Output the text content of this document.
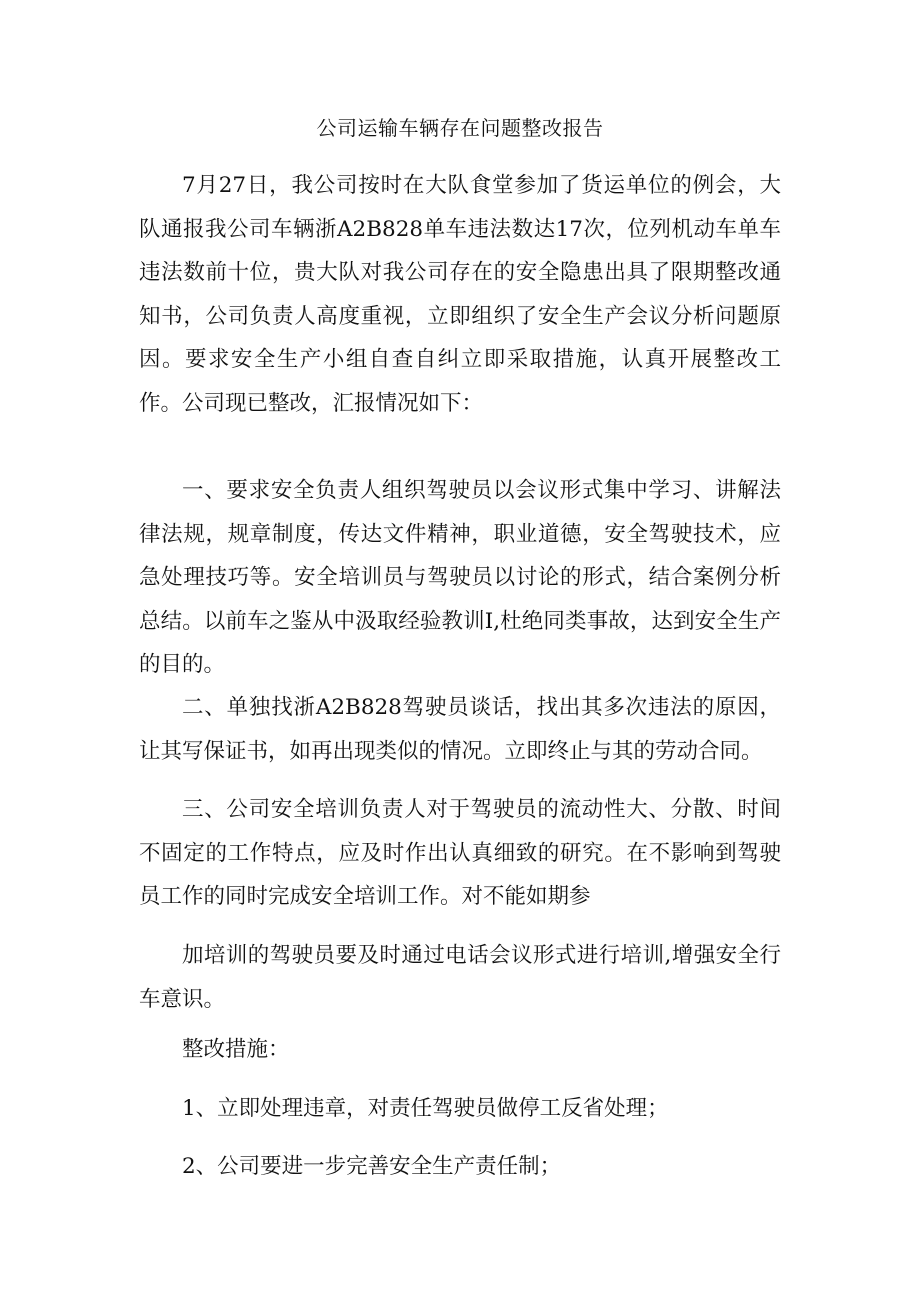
公司运输车辆存在问题整改报告

7月27日，我公司按时在大队食堂参加了货运单位的例会，大队通报我公司车辆浙A2B828单车违法数达17次，位列机动车单车违法数前十位，贵大队对我公司存在的安全隐患出具了限期整改通知书，公司负责人高度重视，立即组织了安全生产会议分析问题原因。要求安全生产小组自查自纠立即采取措施，认真开展整改工作。公司现已整改，汇报情况如下：

一、要求安全负责人组织驾驶员以会议形式集中学习、讲解法律法规，规章制度，传达文件精神，职业道德，安全驾驶技术，应急处理技巧等。安全培训员与驾驶员以讨论的形式，结合案例分析总结。以前车之鉴从中汲取经验教训I,杜绝同类事故，达到安全生产的目的。

二、单独找浙A2B828驾驶员谈话，找出其多次违法的原因，让其写保证书，如再出现类似的情况。立即终止与其的劳动合同。

三、公司安全培训负责人对于驾驶员的流动性大、分散、时间不固定的工作特点，应及时作出认真细致的研究。在不影响到驾驶员工作的同时完成安全培训工作。对不能如期参

加培训的驾驶员要及时通过电话会议形式进行培训,增强安全行车意识。

整改措施：

1、立即处理违章，对责任驾驶员做停工反省处理；

2、公司要进一步完善安全生产责任制；
